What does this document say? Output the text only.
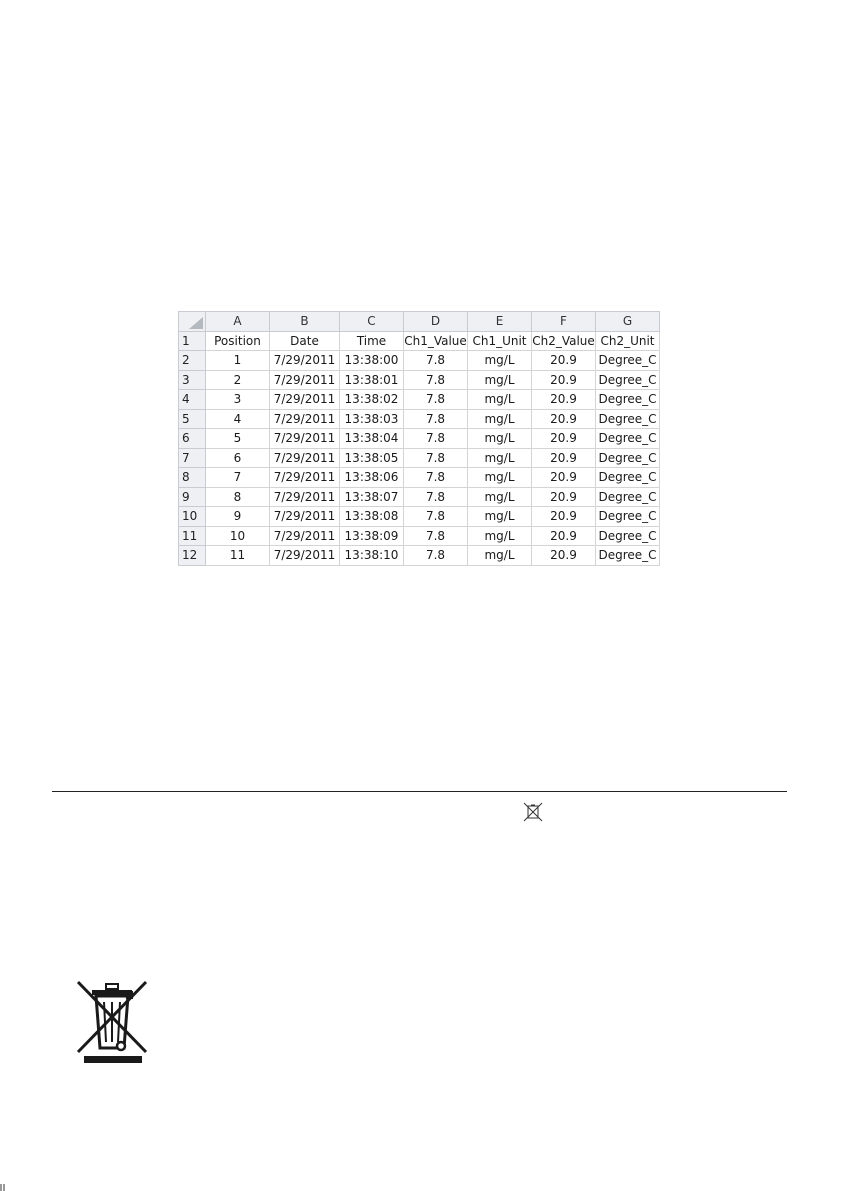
	A	B	C	D	E	F	G
1	Position	Date	Time	Ch1_Value	Ch1_Unit	Ch2_Value	Ch2_Unit
2	1	7/29/2011	13:38:00	7.8	mg/L	20.9	Degree_C
3	2	7/29/2011	13:38:01	7.8	mg/L	20.9	Degree_C
4	3	7/29/2011	13:38:02	7.8	mg/L	20.9	Degree_C
5	4	7/29/2011	13:38:03	7.8	mg/L	20.9	Degree_C
6	5	7/29/2011	13:38:04	7.8	mg/L	20.9	Degree_C
7	6	7/29/2011	13:38:05	7.8	mg/L	20.9	Degree_C
8	7	7/29/2011	13:38:06	7.8	mg/L	20.9	Degree_C
9	8	7/29/2011	13:38:07	7.8	mg/L	20.9	Degree_C
10	9	7/29/2011	13:38:08	7.8	mg/L	20.9	Degree_C
11	10	7/29/2011	13:38:09	7.8	mg/L	20.9	Degree_C
12	11	7/29/2011	13:38:10	7.8	mg/L	20.9	Degree_C
